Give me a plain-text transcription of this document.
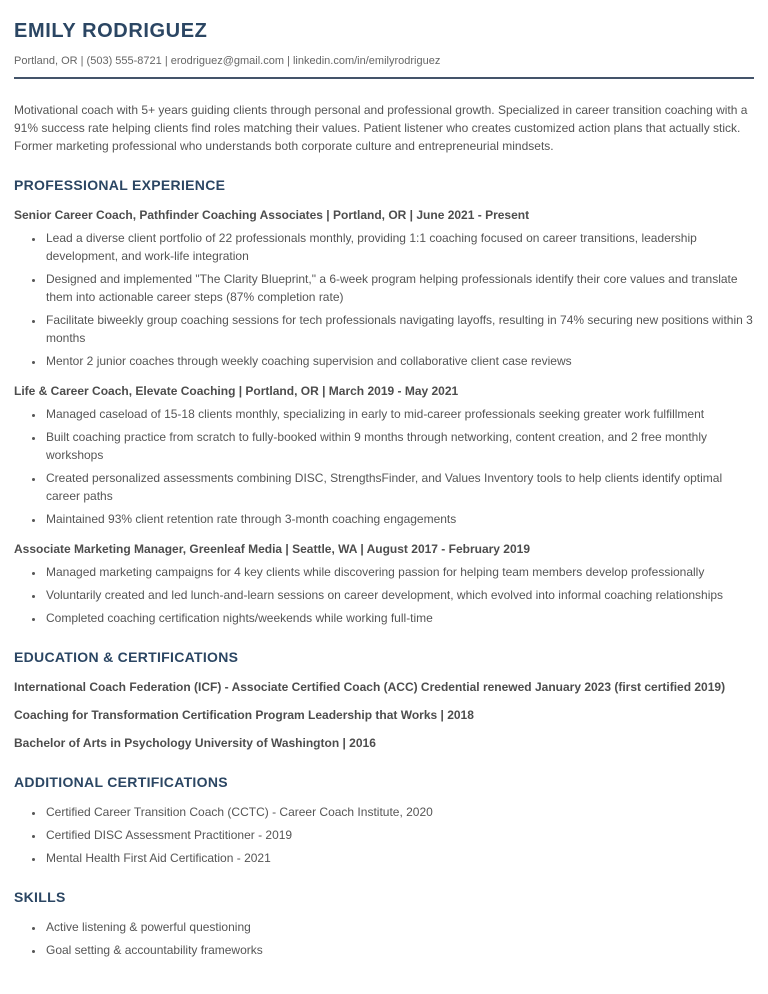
EMILY RODRIGUEZ

Portland, OR | (503) 555-8721 | erodriguez@gmail.com | linkedin.com/in/emilyrodriguez

Motivational coach with 5+ years guiding clients through personal and professional growth. Specialized in career transition coaching with a 91% success rate helping clients find roles matching their values. Patient listener who creates customized action plans that actually stick. Former marketing professional who understands both corporate culture and entrepreneurial mindsets.

PROFESSIONAL EXPERIENCE
Senior Career Coach, Pathfinder Coaching Associates | Portland, OR | June 2021 - Present
• Lead a diverse client portfolio of 22 professionals monthly, providing 1:1 coaching focused on career transitions, leadership development, and work-life integration
• Designed and implemented "The Clarity Blueprint," a 6-week program helping professionals identify their core values and translate them into actionable career steps (87% completion rate)
• Facilitate biweekly group coaching sessions for tech professionals navigating layoffs, resulting in 74% securing new positions within 3 months
• Mentor 2 junior coaches through weekly coaching supervision and collaborative client case reviews
Life & Career Coach, Elevate Coaching | Portland, OR | March 2019 - May 2021
• Managed caseload of 15-18 clients monthly, specializing in early to mid-career professionals seeking greater work fulfillment
• Built coaching practice from scratch to fully-booked within 9 months through networking, content creation, and 2 free monthly workshops
• Created personalized assessments combining DISC, StrengthsFinder, and Values Inventory tools to help clients identify optimal career paths
• Maintained 93% client retention rate through 3-month coaching engagements
Associate Marketing Manager, Greenleaf Media | Seattle, WA | August 2017 - February 2019
• Managed marketing campaigns for 4 key clients while discovering passion for helping team members develop professionally
• Voluntarily created and led lunch-and-learn sessions on career development, which evolved into informal coaching relationships
• Completed coaching certification nights/weekends while working full-time
EDUCATION & CERTIFICATIONS

International Coach Federation (ICF) - Associate Certified Coach (ACC) Credential renewed January 2023 (first certified 2019)

Coaching for Transformation Certification Program Leadership that Works | 2018

Bachelor of Arts in Psychology University of Washington | 2016

ADDITIONAL CERTIFICATIONS
• Certified Career Transition Coach (CCTC) - Career Coach Institute, 2020
• Certified DISC Assessment Practitioner - 2019
• Mental Health First Aid Certification - 2021
SKILLS
• Active listening & powerful questioning
• Goal setting & accountability frameworks
